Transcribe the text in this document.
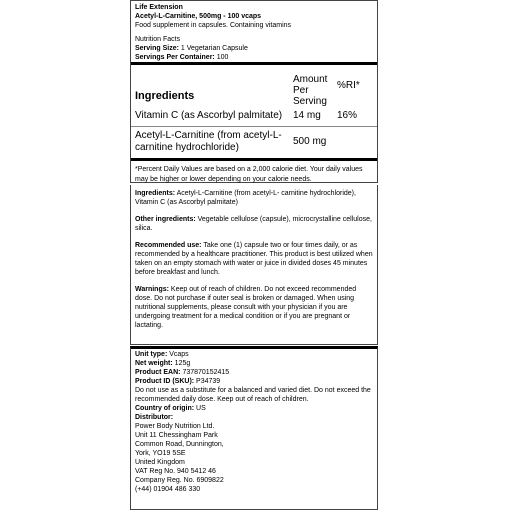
Life Extension
Acetyl-L-Carnitine, 500mg - 100 vcaps
Food supplement in capsules. Containing vitamins
Nutrition Facts
Serving Size: 1 Vegetarian Capsule
Servings Per Container: 100
Ingredients
Amount Per Serving
%RI*
Vitamin C (as Ascorbyl palmitate)	14 mg	16%
Acetyl-L-Carnitine (from acetyl-L-carnitine hydrochloride)
500 mg
*Percent Daily Values are based on a 2,000 calorie diet. Your daily values may be higher or lower depending on your calorie needs.
Ingredients: Acetyl-L-Carnitine (from acetyl-L- carnitine hydrochloride), Vitamin C (as Ascorbyl palmitate)
Other ingredients: Vegetable cellulose (capsule), microcrystalline cellulose, silica.
Recommended use: Take one (1) capsule two or four times daily, or as recommended by a healthcare practitioner. This product is best utilized when taken on an empty stomach with water or juice in divided doses 45 minutes before breakfast and lunch.
Warnings: Keep out of reach of children. Do not exceed recommended dose. Do not purchase if outer seal is broken or damaged. When using nutritional supplements, please consult with your physician if you are undergoing treatment for a medical condition or if you are pregnant or lactating.
Unit type: Vcaps
Net weight: 125g
Product EAN: 737870152415
Product ID (SKU): P34739
Do not use as a substitute for a balanced and varied diet. Do not exceed the recommended daily dose. Keep out of reach of children.
Country of origin: US
Distributor:
Power Body Nutrition Ltd.
Unit 11 Chessingham Park
Common Road, Dunnington,
York, YO19 5SE
United Kingdom
VAT Reg No. 940 5412 46
Company Reg. No. 6909822
(+44) 01904 486 330
